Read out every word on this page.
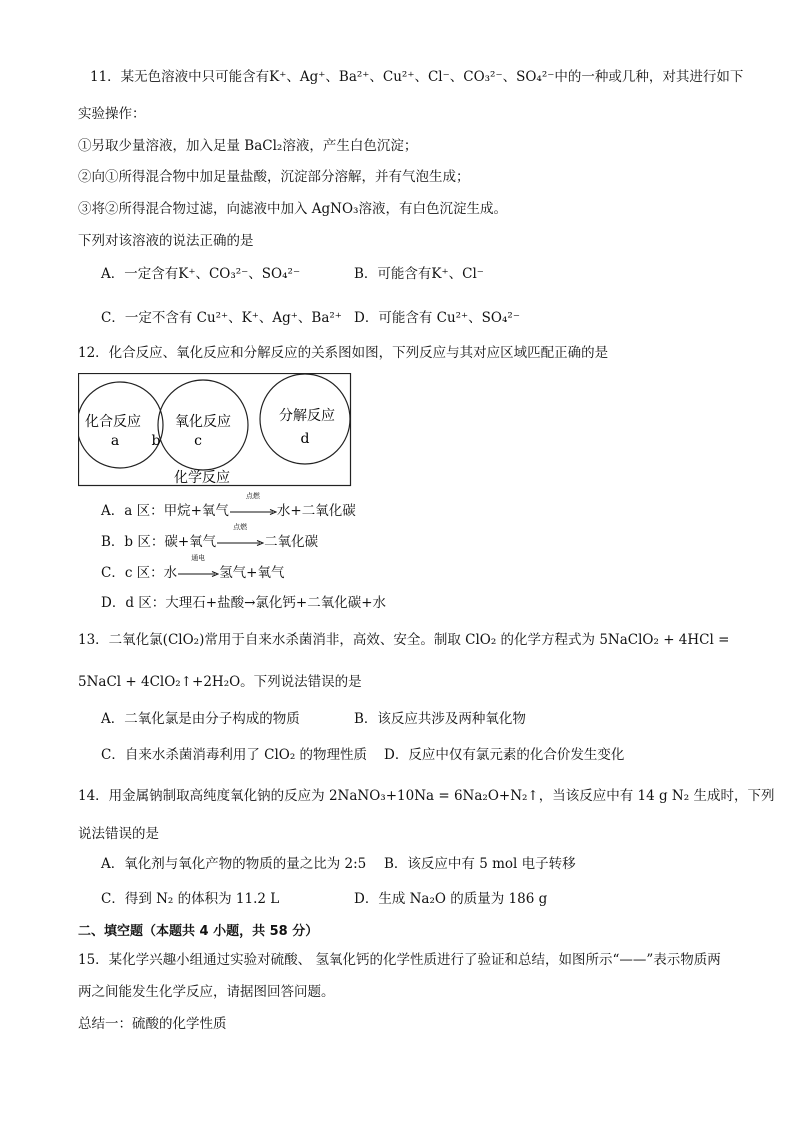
11．某无色溶液中只可能含有K⁺、Ag⁺、Ba²⁺、Cu²⁺、Cl⁻、CO₃²⁻、SO₄²⁻中的一种或几种，对其进行如下
实验操作：
①另取少量溶液，加入足量 BaCl₂溶液，产生白色沉淀；
②向①所得混合物中加足量盐酸，沉淀部分溶解，并有气泡生成；
③将②所得混合物过滤，向滤液中加入 AgNO₃溶液，有白色沉淀生成。
下列对该溶液的说法正确的是
A．一定含有K⁺、CO₃²⁻、SO₄²⁻	B．可能含有K⁺、Cl⁻
C．一定不含有 Cu²⁺、K⁺、Ag⁺、Ba²⁺ D．可能含有 Cu²⁺、SO₄²⁻
12．化合反应、氧化反应和分解反应的关系图如图，下列反应与其对应区域匹配正确的是
化合反应
a b
氧化反应
c
分解反应
d
化学反应
A．a 区：甲烷+氧气
点燃
水+二氧化碳
B．b 区：碳+氧气
点燃
二氧化碳
C．c 区：水
通电
氢气+氧气
D．d 区：大理石+盐酸→氯化钙+二氧化碳+水
13．二氧化氯(ClO₂)常用于自来水杀菌消非，高效、安全。制取 ClO₂ 的化学方程式为 5NaClO₂ + 4HCl =
5NaCl + 4ClO₂↑+2H₂O。下列说法错误的是
A．二氧化氯是由分子构成的物质	B．该反应共涉及两种氧化物
C．自来水杀菌消毒利用了 ClO₂ 的物理性质 D．反应中仅有氯元素的化合价发生变化
14．用金属钠制取高纯度氧化钠的反应为 2NaNO₃+10Na = 6Na₂O+N₂↑，当该反应中有 14 g N₂ 生成时，下列
说法错误的是
A．氧化剂与氧化产物的物质的量之比为 2:5 B．该反应中有 5 mol 电子转移
C．得到 N₂ 的体积为 11.2 L	D．生成 Na₂O 的质量为 186 g
二、填空题（本题共 4 小题，共 58 分）
15．某化学兴趣小组通过实验对硫酸、 氢氧化钙的化学性质进行了验证和总结，如图所示“——”表示物质两
两之间能发生化学反应，请据图回答问题。
总结一：硫酸的化学性质
